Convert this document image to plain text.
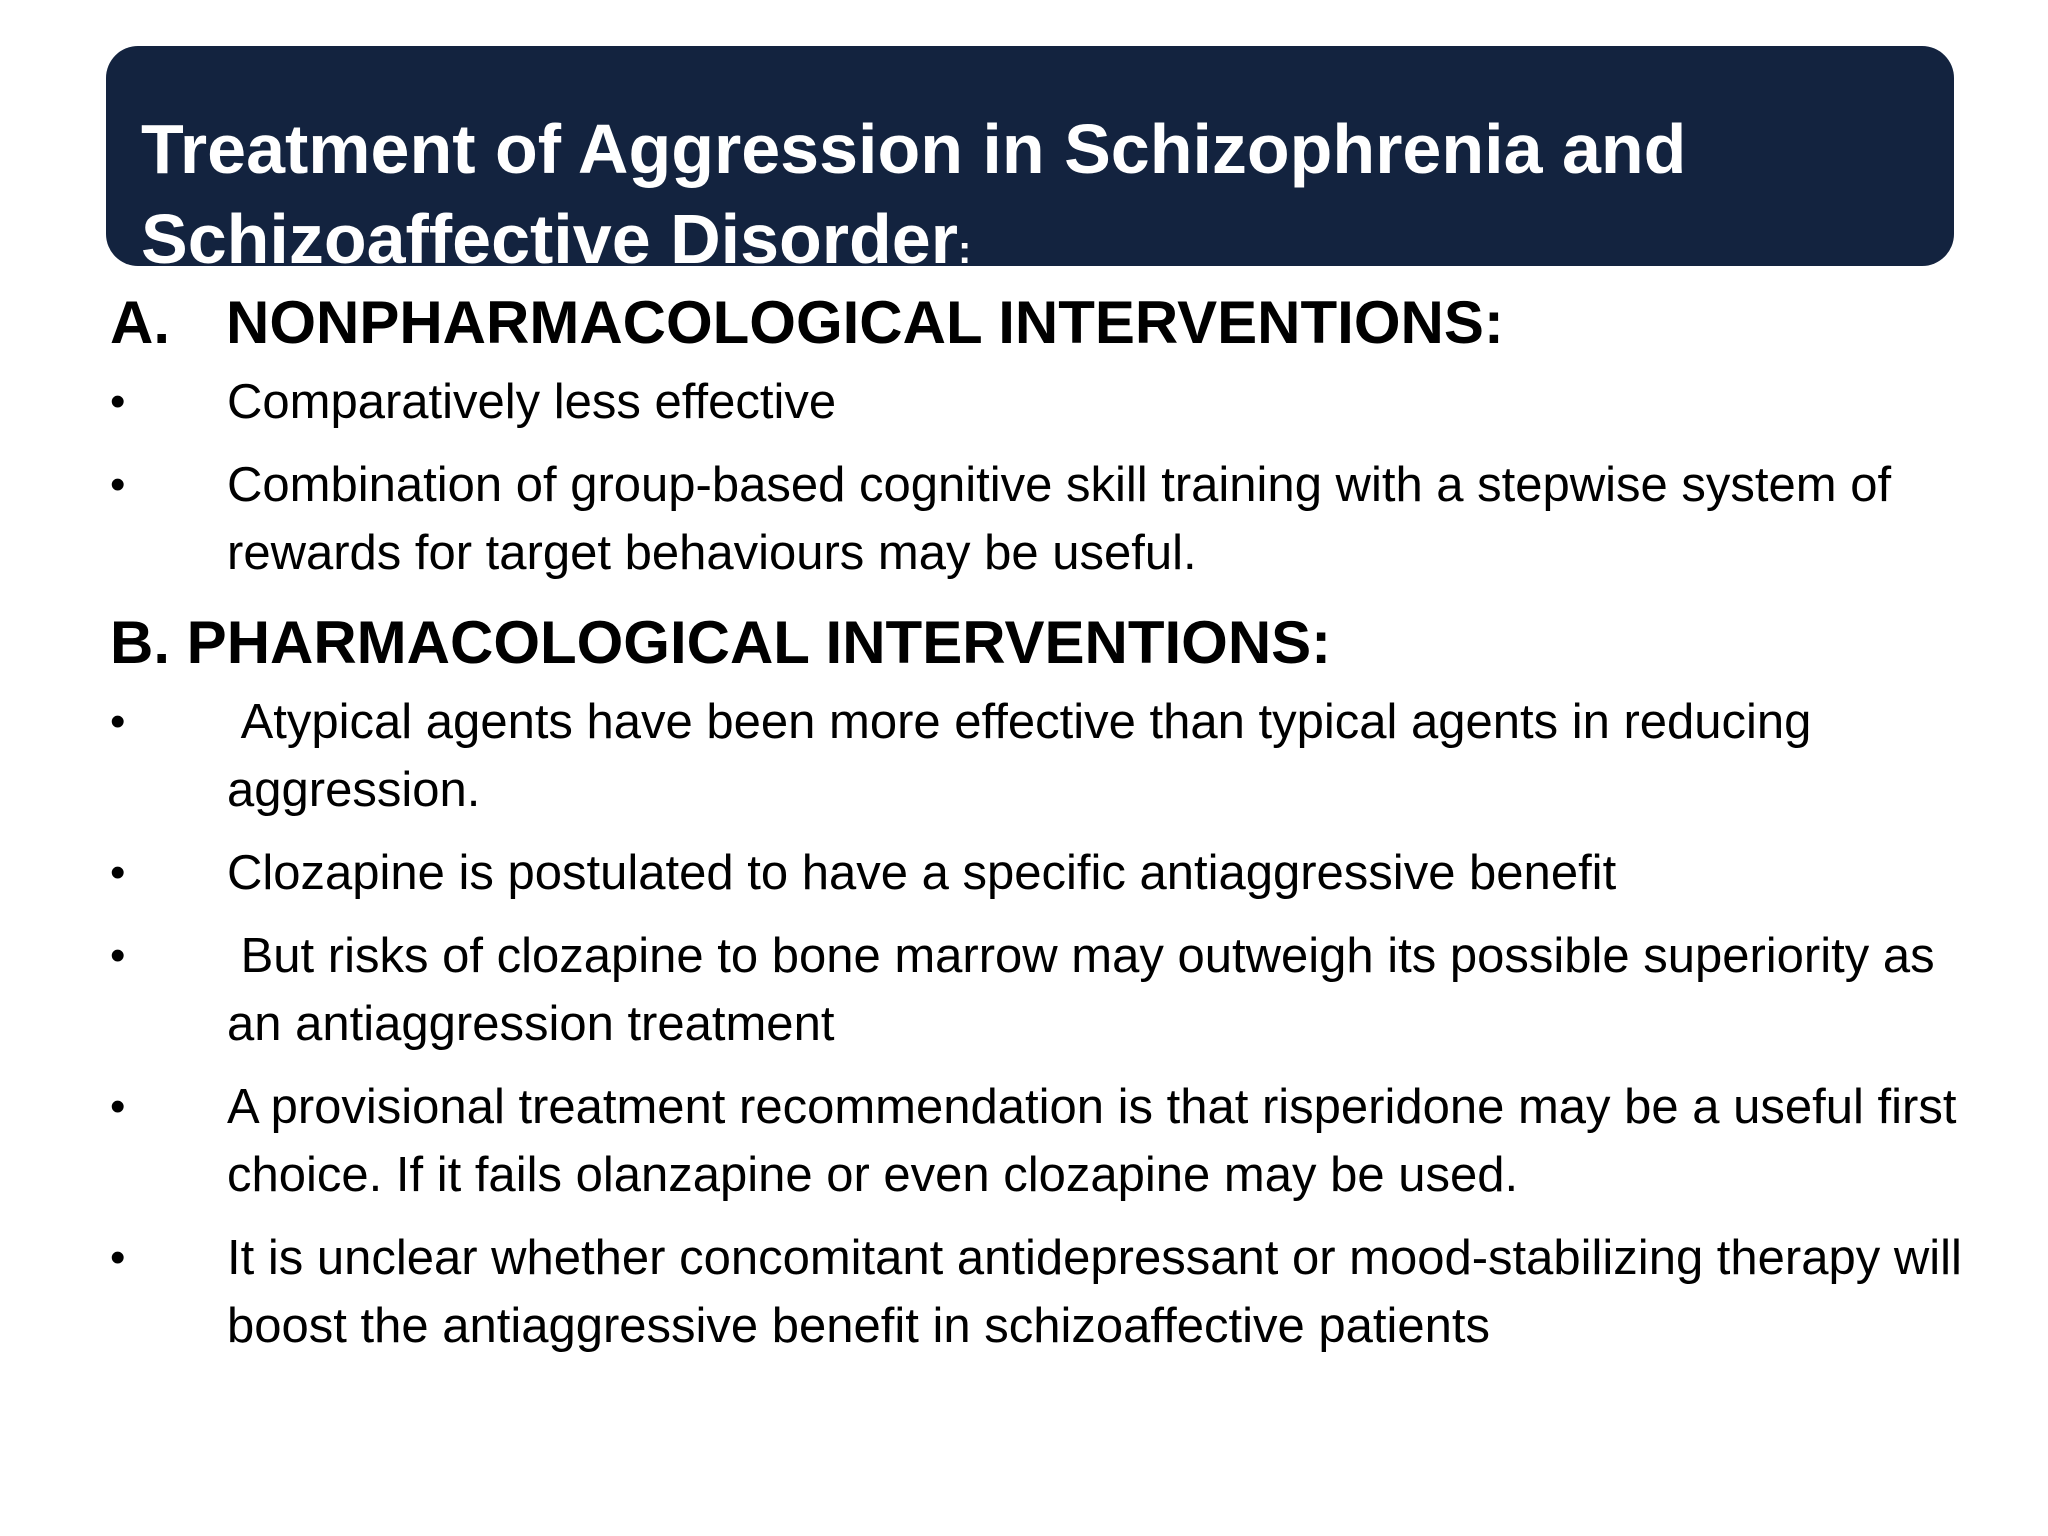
Treatment of Aggression in Schizophrenia and
Schizoaffective Disorder:
A. NONPHARMACOLOGICAL INTERVENTIONS:
•	Comparatively less effective
•	Combination of group-based cognitive skill training with a stepwise system of rewards for target behaviours may be useful.
B. PHARMACOLOGICAL INTERVENTIONS:
•	Atypical agents have been more effective than typical agents in reducing aggression.
•	Clozapine is postulated to have a specific antiaggressive benefit
•	But risks of clozapine to bone marrow may outweigh its possible superiority as an antiaggression treatment
•	A provisional treatment recommendation is that risperidone may be a useful first choice. If it fails olanzapine or even clozapine may be used.
•	It is unclear whether concomitant antidepressant or mood-stabilizing therapy will boost the antiaggressive benefit in schizoaffective patients
